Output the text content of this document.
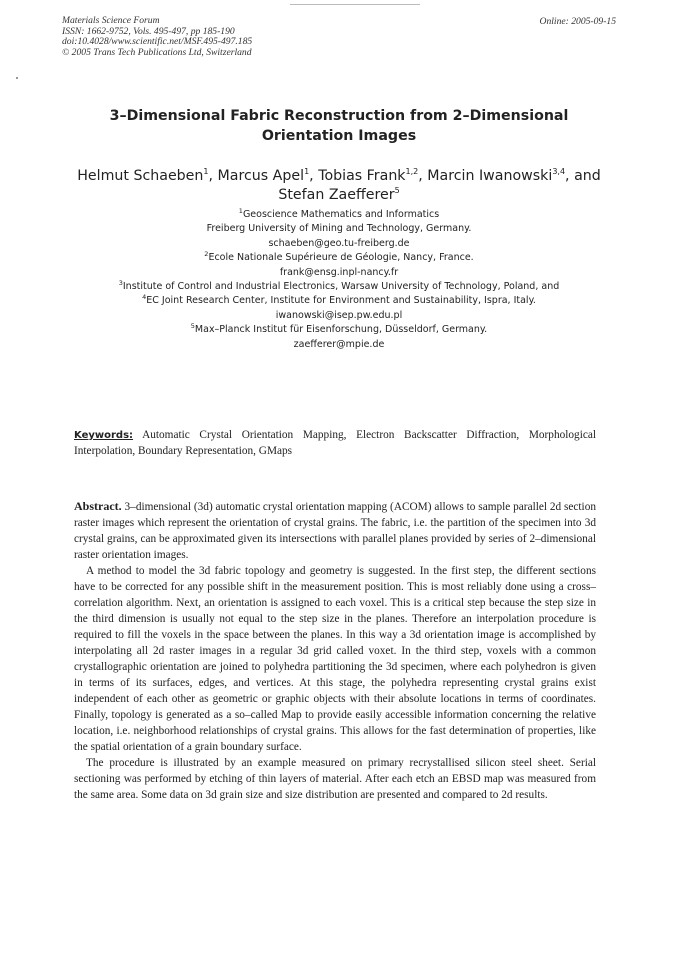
Materials Science Forum
ISSN: 1662-9752, Vols. 495-497, pp 185-190
doi:10.4028/www.scientific.net/MSF.495-497.185
© 2005 Trans Tech Publications Ltd, Switzerland
Online: 2005-09-15
3–Dimensional Fabric Reconstruction from 2–Dimensional Orientation Images
Helmut Schaeben$^1$, Marcus Apel$^1$, Tobias Frank$^{1,2}$, Marcin Iwanowski$^{3,4}$, and Stefan Zaefferer$^5$
$^1$Geoscience Mathematics and Informatics
Freiberg University of Mining and Technology, Germany.
schaeben@geo.tu-freiberg.de
$^2$Ecole Nationale Supérieure de Géologie, Nancy, France.
frank@ensg.inpl-nancy.fr
$^3$Institute of Control and Industrial Electronics, Warsaw University of Technology, Poland, and
$^4$EC Joint Research Center, Institute for Environment and Sustainability, Ispra, Italy.
iwanowski@isep.pw.edu.pl
$^5$Max–Planck Institut für Eisenforschung, Düsseldorf, Germany.
zaefferer@mpie.de
Keywords: Automatic Crystal Orientation Mapping, Electron Backscatter Diffraction, Morphological Interpolation, Boundary Representation, GMaps

Abstract. 3–dimensional (3d) automatic crystal orientation mapping (ACOM) allows to sample parallel 2d section raster images which represent the orientation of crystal grains. The fabric, i.e. the partition of the specimen into 3d crystal grains, can be approximated given its intersections with parallel planes provided by series of 2–dimensional raster orientation images.

A method to model the 3d fabric topology and geometry is suggested. In the first step, the different sections have to be corrected for any possible shift in the measurement position. This is most reliably done using a cross–correlation algorithm. Next, an orientation is assigned to each voxel. This is a critical step because the step size in the third dimension is usually not equal to the step size in the planes. Therefore an interpolation procedure is required to fill the voxels in the space between the planes. In this way a 3d orientation image is accomplished by interpolating all 2d raster images in a regular 3d grid called voxet. In the third step, voxels with a common crystallographic orientation are joined to polyhedra partitioning the 3d specimen, where each polyhedron is given in terms of its surfaces, edges, and vertices. At this stage, the polyhedra representing crystal grains exist independent of each other as geometric or graphic objects with their absolute locations in terms of coordinates. Finally, topology is generated as a so–called Map to provide easily accessible information concerning the relative location, i.e. neighborhood relationships of crystal grains. This allows for the fast determination of properties, like the spatial orientation of a grain boundary surface.

The procedure is illustrated by an example measured on primary recrystallised silicon steel sheet. Serial sectioning was performed by etching of thin layers of material. After each etch an EBSD map was measured from the same area. Some data on 3d grain size and size distribution are presented and compared to 2d results.
